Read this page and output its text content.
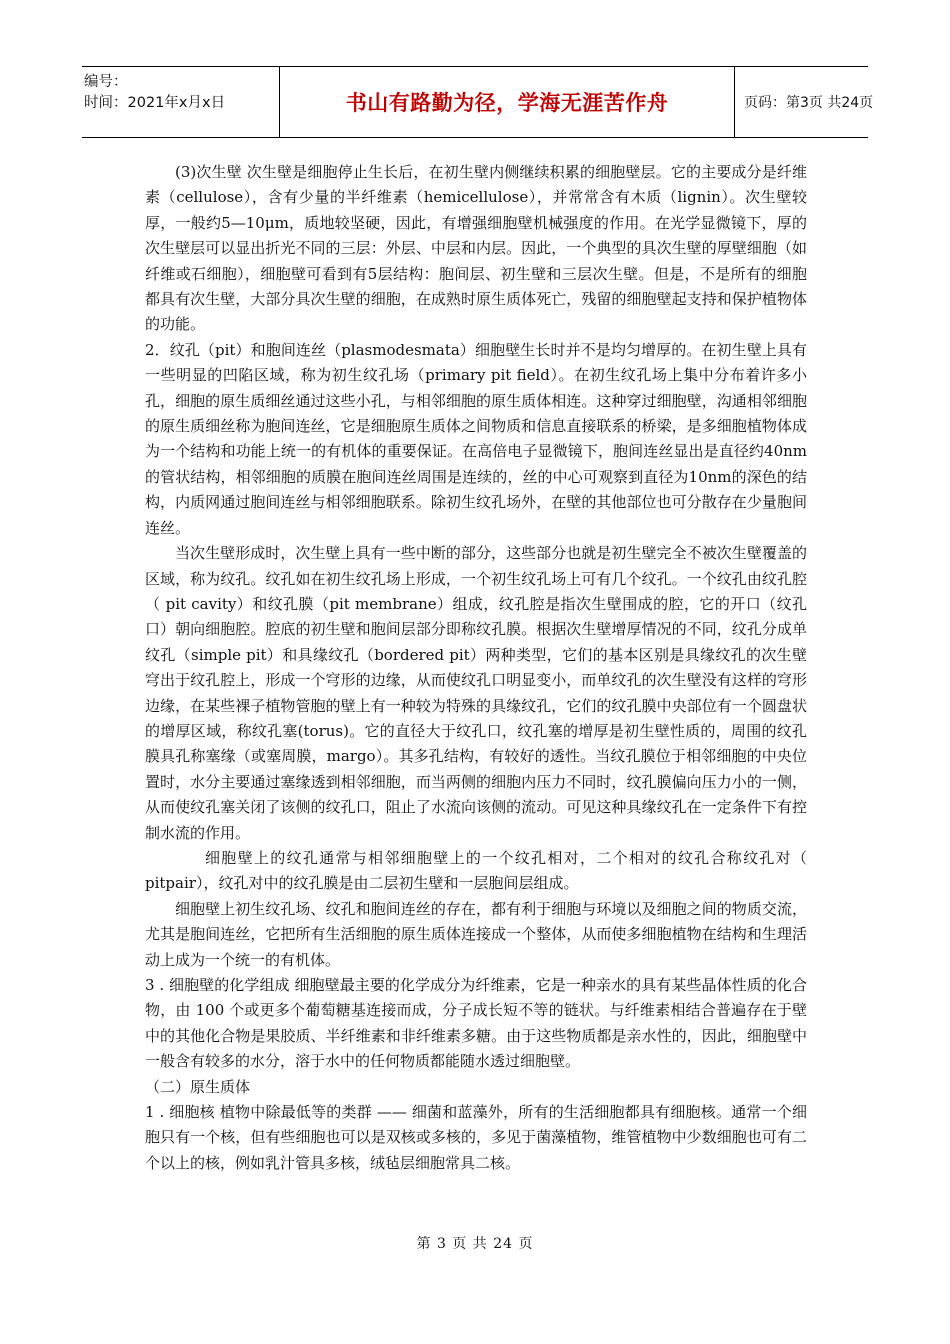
编号：
时间：2021年x月x日	书山有路勤为径，学海无涯苦作舟	页码：第3页 共24页

(3)次生壁 次生壁是细胞停止生长后，在初生壁内侧继续积累的细胞壁层。它的主要成分是纤维素（cellulose），含有少量的半纤维素（hemicellulose），并常常含有木质（lignin）。次生壁较厚，一般约5—10μm，质地较坚硬，因此，有增强细胞壁机械强度的作用。在光学显微镜下，厚的次生壁层可以显出折光不同的三层：外层、中层和内层。因此，一个典型的具次生壁的厚壁细胞（如纤维或石细胞），细胞壁可看到有5层结构：胞间层、初生壁和三层次生壁。但是，不是所有的细胞都具有次生壁，大部分具次生壁的细胞，在成熟时原生质体死亡，残留的细胞壁起支持和保护植物体的功能。

2．纹孔（pit）和胞间连丝（plasmodesmata）细胞壁生长时并不是均匀增厚的。在初生壁上具有一些明显的凹陷区域，称为初生纹孔场（primary pit field）。在初生纹孔场上集中分布着许多小孔，细胞的原生质细丝通过这些小孔，与相邻细胞的原生质体相连。这种穿过细胞壁，沟通相邻细胞的原生质细丝称为胞间连丝，它是细胞原生质体之间物质和信息直接联系的桥梁，是多细胞植物体成为一个结构和功能上统一的有机体的重要保证。在高倍电子显微镜下，胞间连丝显出是直径约40nm的管状结构，相邻细胞的质膜在胞间连丝周围是连续的，丝的中心可观察到直径为10nm的深色的结构，内质网通过胞间连丝与相邻细胞联系。除初生纹孔场外，在壁的其他部位也可分散存在少量胞间连丝。

当次生壁形成时，次生壁上具有一些中断的部分，这些部分也就是初生壁完全不被次生壁覆盖的区域，称为纹孔。纹孔如在初生纹孔场上形成，一个初生纹孔场上可有几个纹孔。一个纹孔由纹孔腔（ pit cavity）和纹孔膜（pit membrane）组成，纹孔腔是指次生壁围成的腔，它的开口（纹孔口）朝向细胞腔。腔底的初生壁和胞间层部分即称纹孔膜。根据次生壁增厚情况的不同，纹孔分成单纹孔（simple pit）和具缘纹孔（bordered pit）两种类型，它们的基本区别是具缘纹孔的次生壁穹出于纹孔腔上，形成一个穹形的边缘，从而使纹孔口明显变小，而单纹孔的次生壁没有这样的穹形边缘，在某些裸子植物管胞的壁上有一种较为特殊的具缘纹孔，它们的纹孔膜中央部位有一个圆盘状的增厚区域，称纹孔塞(torus)。它的直径大于纹孔口，纹孔塞的增厚是初生壁性质的，周围的纹孔膜具孔称塞缘（或塞周膜，margo）。其多孔结构，有较好的透性。当纹孔膜位于相邻细胞的中央位置时，水分主要通过塞缘透到相邻细胞，而当两侧的细胞内压力不同时，纹孔膜偏向压力小的一侧，从而使纹孔塞关闭了该侧的纹孔口，阻止了水流向该侧的流动。可见这种具缘纹孔在一定条件下有控制水流的作用。

细胞壁上的纹孔通常与相邻细胞壁上的一个纹孔相对，二个相对的纹孔合称纹孔对（ pitpair），纹孔对中的纹孔膜是由二层初生壁和一层胞间层组成。

细胞壁上初生纹孔场、纹孔和胞间连丝的存在，都有利于细胞与环境以及细胞之间的物质交流，尤其是胞间连丝，它把所有生活细胞的原生质体连接成一个整体，从而使多细胞植物在结构和生理活动上成为一个统一的有机体。

3 . 细胞壁的化学组成 细胞壁最主要的化学成分为纤维素，它是一种亲水的具有某些晶体性质的化合物，由 100 个或更多个葡萄糖基连接而成，分子成长短不等的链状。与纤维素相结合普遍存在于壁中的其他化合物是果胶质、半纤维素和非纤维素多糖。由于这些物质都是亲水性的，因此，细胞壁中一般含有较多的水分，溶于水中的任何物质都能随水透过细胞壁。

（二）原生质体

1 . 细胞核 植物中除最低等的类群 —— 细菌和蓝藻外，所有的生活细胞都具有细胞核。通常一个细胞只有一个核，但有些细胞也可以是双核或多核的，多见于菌藻植物，维管植物中少数细胞也可有二个以上的核，例如乳汁管具多核，绒毡层细胞常具二核。

第 3 页 共 24 页
